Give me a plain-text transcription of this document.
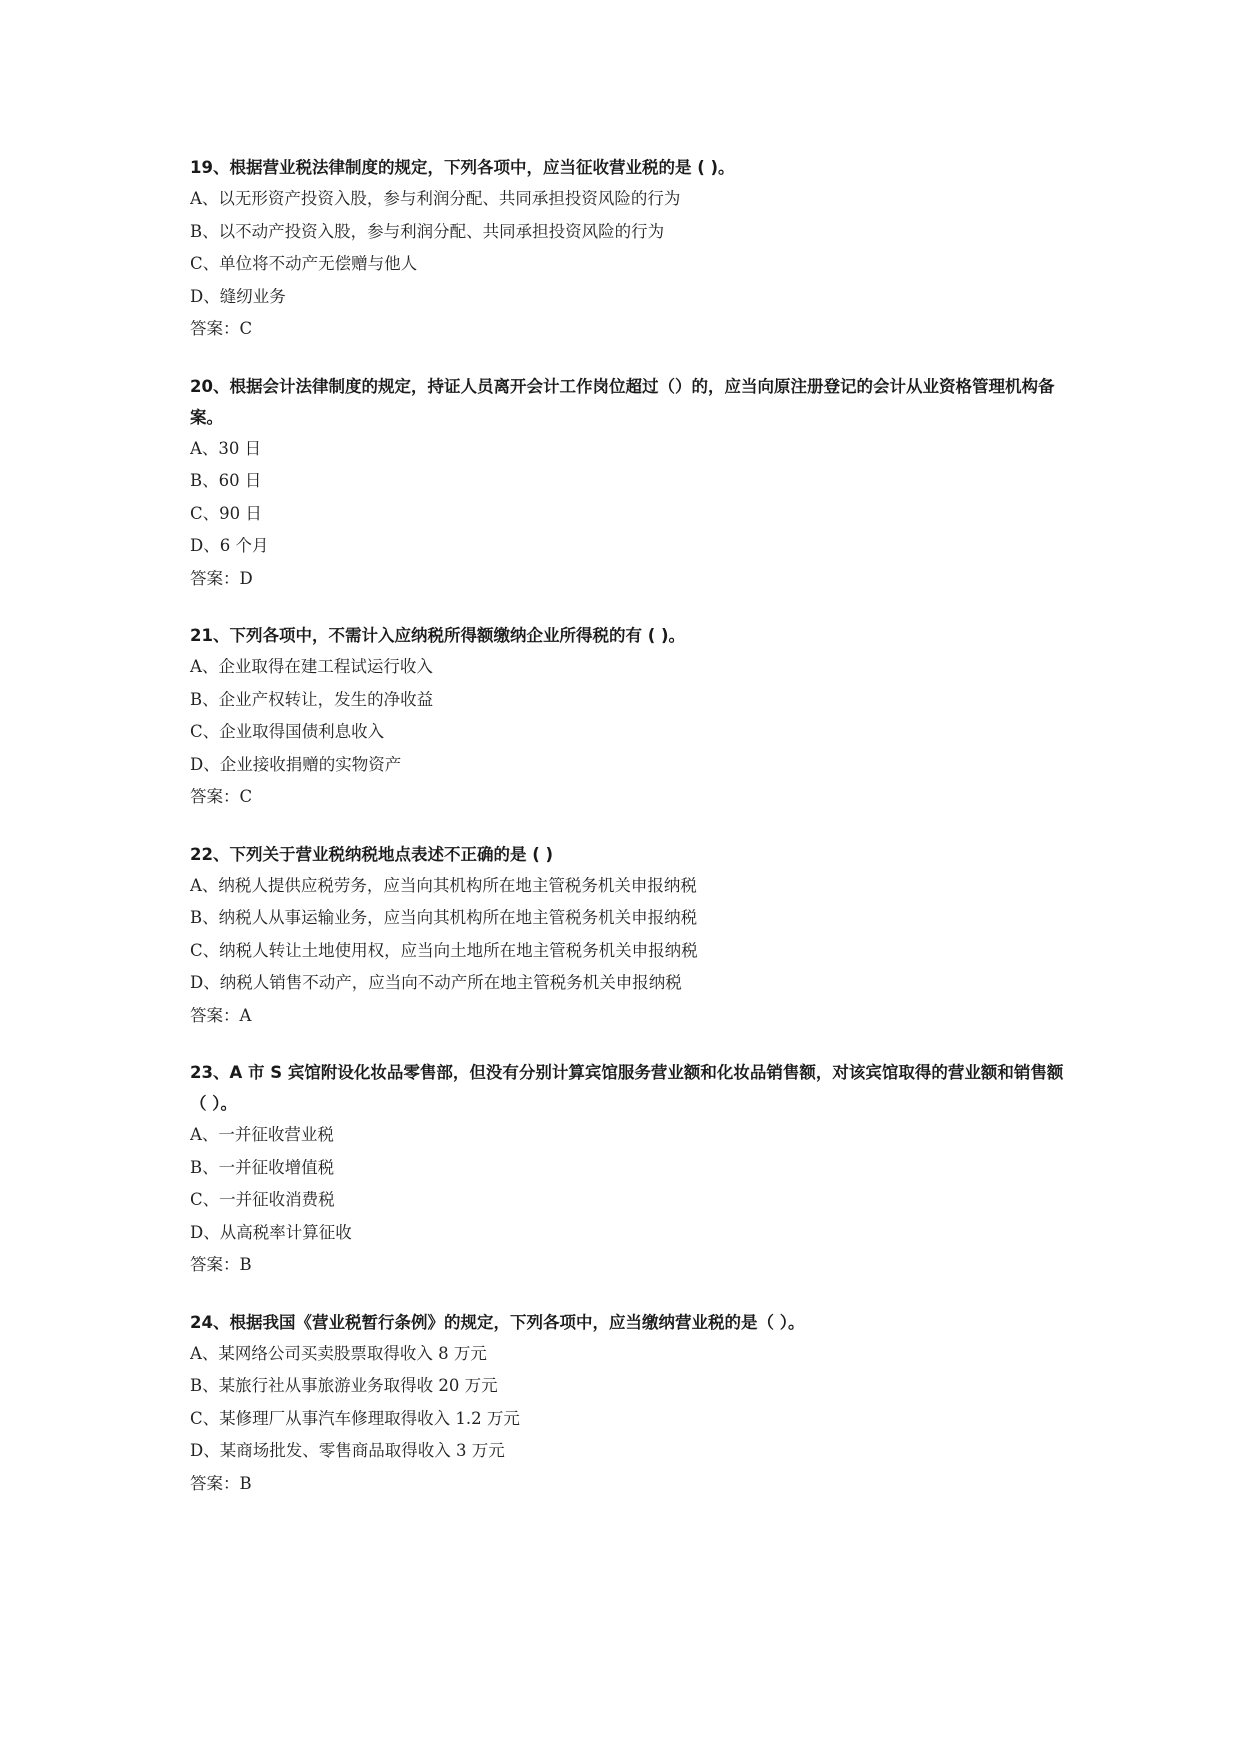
19、根据营业税法律制度的规定，下列各项中，应当征收营业税的是 ( )。

A、以无形资产投资入股，参与利润分配、共同承担投资风险的行为

B、以不动产投资入股，参与利润分配、共同承担投资风险的行为

C、单位将不动产无偿赠与他人

D、缝纫业务

答案：C

20、根据会计法律制度的规定，持证人员离开会计工作岗位超过（）的，应当向原注册登记的会计从业资格管理机构备案。

A、30 日

B、60 日

C、90 日

D、6 个月

答案：D

21、下列各项中，不需计入应纳税所得额缴纳企业所得税的有 ( )。

A、企业取得在建工程试运行收入

B、企业产权转让，发生的净收益

C、企业取得国债利息收入

D、企业接收捐赠的实物资产

答案：C

22、下列关于营业税纳税地点表述不正确的是 ( )

A、纳税人提供应税劳务，应当向其机构所在地主管税务机关申报纳税

B、纳税人从事运输业务，应当向其机构所在地主管税务机关申报纳税

C、纳税人转让土地使用权，应当向土地所在地主管税务机关申报纳税

D、纳税人销售不动产，应当向不动产所在地主管税务机关申报纳税

答案：A

23、A 市 S 宾馆附设化妆品零售部，但没有分别计算宾馆服务营业额和化妆品销售额，对该宾馆取得的营业额和销售额（ ）。

A、一并征收营业税

B、一并征收增值税

C、一并征收消费税

D、从高税率计算征收

答案：B

24、根据我国《营业税暂行条例》的规定，下列各项中，应当缴纳营业税的是（ ）。

A、某网络公司买卖股票取得收入 8 万元

B、某旅行社从事旅游业务取得收 20 万元

C、某修理厂从事汽车修理取得收入 1.2 万元

D、某商场批发、零售商品取得收入 3 万元

答案：B
